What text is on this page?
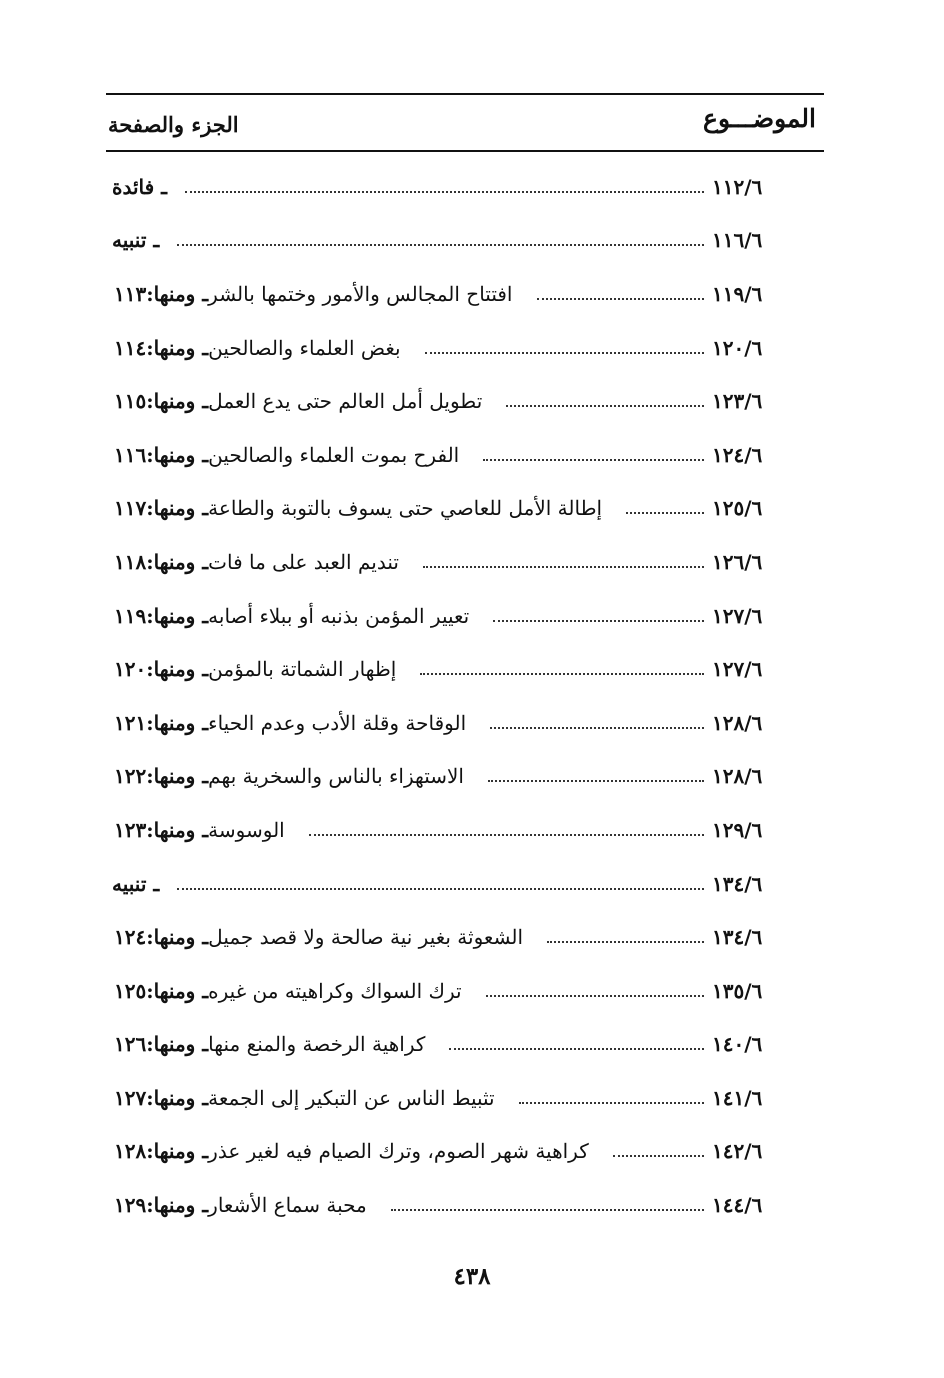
الموضـــوع
الجزء والصفحة
ـ فائدة	١١٢/٦
ـ تنبيه	١١٦/٦
١١٣ ـ ومنها: افتتاح المجالس والأمور وختمها بالشر	١١٩/٦
١١٤ ـ ومنها: بغض العلماء والصالحين	١٢٠/٦
١١٥ ـ ومنها: تطويل أمل العالم حتى يدع العمل	١٢٣/٦
١١٦ ـ ومنها: الفرح بموت العلماء والصالحين	١٢٤/٦
١١٧ ـ ومنها: إطالة الأمل للعاصي حتى يسوف بالتوبة والطاعة	١٢٥/٦
١١٨ ـ ومنها: تنديم العبد على ما فات	١٢٦/٦
١١٩ ـ ومنها: تعيير المؤمن بذنبه أو ببلاء أصابه	١٢٧/٦
١٢٠ ـ ومنها: إظهار الشماتة بالمؤمن	١٢٧/٦
١٢١ ـ ومنها: الوقاحة وقلة الأدب وعدم الحياء	١٢٨/٦
١٢٢ ـ ومنها: الاستهزاء بالناس والسخرية بهم	١٢٨/٦
١٢٣ ـ ومنها: الوسوسة	١٢٩/٦
ـ تنبيه	١٣٤/٦
١٢٤ ـ ومنها: الشعوثة بغير نية صالحة ولا قصد جميل	١٣٤/٦
١٢٥ ـ ومنها: ترك السواك وكراهيته من غيره	١٣٥/٦
١٢٦ ـ ومنها: كراهية الرخصة والمنع منها	١٤٠/٦
١٢٧ ـ ومنها: تثبيط الناس عن التبكير إلى الجمعة	١٤١/٦
١٢٨ ـ ومنها: كراهية شهر الصوم، وترك الصيام فيه لغير عذر	١٤٢/٦
١٢٩ ـ ومنها: محبة سماع الأشعار	١٤٤/٦
٤٣٨
